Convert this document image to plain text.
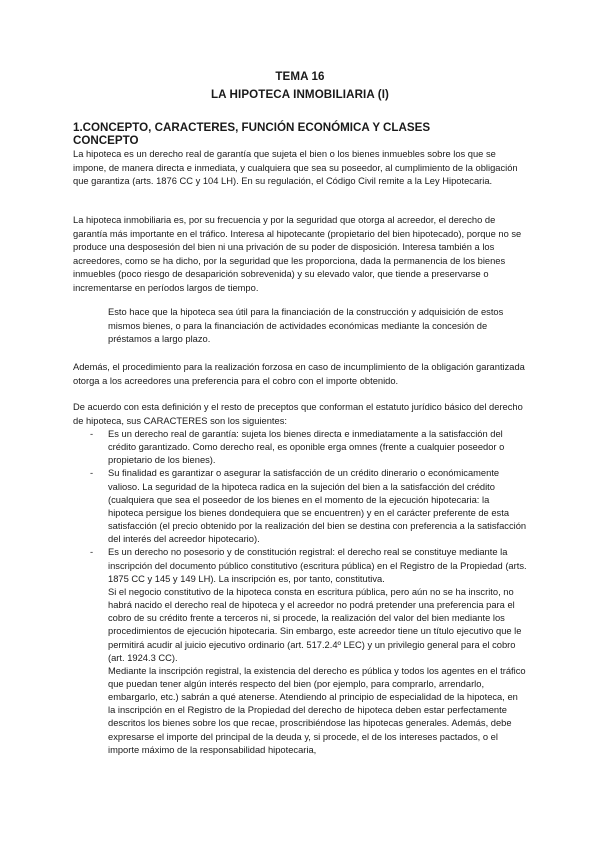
TEMA 16
LA HIPOTECA INMOBILIARIA (I)
1.CONCEPTO, CARACTERES, FUNCIÓN ECONÓMICA Y CLASES
CONCEPTO

La hipoteca es un derecho real de garantía que sujeta el bien o los bienes inmuebles sobre los que se impone, de manera directa e inmediata, y cualquiera que sea su poseedor, al cumplimiento de la obligación que garantiza (arts. 1876 CC y 104 LH). En su regulación, el Código Civil remite a la Ley Hipotecaria.

La hipoteca inmobiliaria es, por su frecuencia y por la seguridad que otorga al acreedor, el derecho de garantía más importante en el tráfico. Interesa al hipotecante (propietario del bien hipotecado), porque no se produce una desposesión del bien ni una privación de su poder de disposición. Interesa también a los acreedores, como se ha dicho, por la seguridad que les proporciona, dada la permanencia de los bienes inmuebles (poco riesgo de desaparición sobrevenida) y su elevado valor, que tiende a preservarse o incrementarse en períodos largos de tiempo.

Esto hace que la hipoteca sea útil para la financiación de la construcción y adquisición de estos mismos bienes, o para la financiación de actividades económicas mediante la concesión de préstamos a largo plazo.

Además, el procedimiento para la realización forzosa en caso de incumplimiento de la obligación garantizada otorga a los acreedores una preferencia para el cobro con el importe obtenido.

De acuerdo con esta definición y el resto de preceptos que conforman el estatuto jurídico básico del derecho de hipoteca, sus CARACTERES son los siguientes:

- Es un derecho real de garantía: sujeta los bienes directa e inmediatamente a la satisfacción del crédito garantizado. Como derecho real, es oponible erga omnes (frente a cualquier poseedor o propietario de los bienes).
- Su finalidad es garantizar o asegurar la satisfacción de un crédito dinerario o económicamente valioso. La seguridad de la hipoteca radica en la sujeción del bien a la satisfacción del crédito (cualquiera que sea el poseedor de los bienes en el momento de la ejecución hipotecaria: la hipoteca persigue los bienes dondequiera que se encuentren) y en el carácter preferente de esta satisfacción (el precio obtenido por la realización del bien se destina con preferencia a la satisfacción del interés del acreedor hipotecario).
- Es un derecho no posesorio y de constitución registral: el derecho real se constituye mediante la inscripción del documento público constitutivo (escritura pública) en el Registro de la Propiedad (arts. 1875 CC y 145 y 149 LH). La inscripción es, por tanto, constitutiva.
Si el negocio constitutivo de la hipoteca consta en escritura pública, pero aún no se ha inscrito, no habrá nacido el derecho real de hipoteca y el acreedor no podrá pretender una preferencia para el cobro de su crédito frente a terceros ni, si procede, la realización del valor del bien mediante los procedimientos de ejecución hipotecaria. Sin embargo, este acreedor tiene un título ejecutivo que le permitirá acudir al juicio ejecutivo ordinario (art. 517.2.4º LEC) y un privilegio general para el cobro (art. 1924.3 CC).
Mediante la inscripción registral, la existencia del derecho es pública y todos los agentes en el tráfico que puedan tener algún interés respecto del bien (por ejemplo, para comprarlo, arrendarlo, embargarlo, etc.) sabrán a qué atenerse. Atendiendo al principio de especialidad de la hipoteca, en la inscripción en el Registro de la Propiedad del derecho de hipoteca deben estar perfectamente descritos los bienes sobre los que recae, proscribiéndose las hipotecas generales. Además, debe expresarse el importe del principal de la deuda y, si procede, el de los intereses pactados, o el importe máximo de la responsabilidad hipotecaria,
